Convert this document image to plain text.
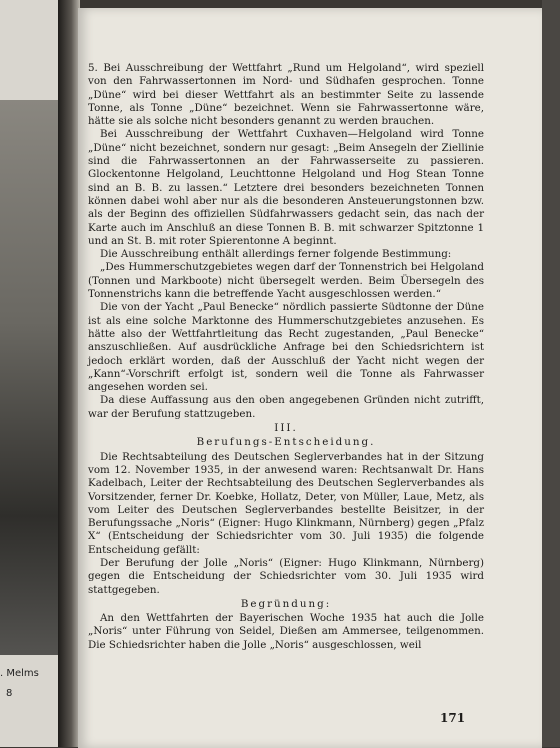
. Melms
8

5. Bei Ausschreibung der Wettfahrt „Rund um Helgoland“, wird speziell von den Fahrwassertonnen im Nord- und Südhafen gesprochen. Tonne „Düne“ wird bei dieser Wettfahrt als an bestimmter Seite zu lassende Tonne, als Tonne „Düne“ bezeichnet. Wenn sie Fahrwassertonne wäre, hätte sie als solche nicht besonders genannt zu werden brauchen.

Bei Ausschreibung der Wettfahrt Cuxhaven—Helgoland wird Tonne „Düne“ nicht bezeichnet, sondern nur gesagt: „Beim Ansegeln der Ziellinie sind die Fahrwassertonnen an der Fahrwasserseite zu passieren. Glockentonne Helgoland, Leuchttonne Helgoland und Hog Stean Tonne sind an B. B. zu lassen.“ Letztere drei besonders bezeichneten Tonnen können dabei wohl aber nur als die besonderen Ansteuerungstonnen bzw. als der Beginn des offiziellen Südfahrwassers gedacht sein, das nach der Karte auch im Anschluß an diese Tonnen B. B. mit schwarzer Spitztonne 1 und an St. B. mit roter Spierentonne A beginnt.

Die Ausschreibung enthält allerdings ferner folgende Bestimmung:

„Des Hummerschutzgebietes wegen darf der Tonnenstrich bei Helgoland (Tonnen und Markboote) nicht übersegelt werden. Beim Übersegeln des Tonnenstrichs kann die betreffende Yacht ausgeschlossen werden.“

Die von der Yacht „Paul Benecke“ nördlich passierte Südtonne der Düne ist als eine solche Marktonne des Hummerschutzgebietes anzusehen. Es hätte also der Wettfahrtleitung das Recht zugestanden, „Paul Benecke“ anszuschließen. Auf ausdrückliche Anfrage bei den Schiedsrichtern ist jedoch erklärt worden, daß der Ausschluß der Yacht nicht wegen der „Kann“-Vorschrift erfolgt ist, sondern weil die Tonne als Fahrwasser angesehen worden sei.

Da diese Auffassung aus den oben angegebenen Gründen nicht zutrifft, war der Berufung stattzugeben.

III.
Berufungs-Entscheidung.

Die Rechtsabteilung des Deutschen Seglerverbandes hat in der Sitzung vom 12. November 1935, in der anwesend waren: Rechtsanwalt Dr. Hans Kadelbach, Leiter der Rechtsabteilung des Deutschen Seglerverbandes als Vorsitzender, ferner Dr. Koebke, Hollatz, Deter, von Müller, Laue, Metz, als vom Leiter des Deutschen Seglerverbandes bestellte Beisitzer, in der Berufungssache „Noris“ (Eigner: Hugo Klinkmann, Nürnberg) gegen „Pfalz X“ (Entscheidung der Schiedsrichter vom 30. Juli 1935) die folgende Entscheidung gefällt:

Der Berufung der Jolle „Noris“ (Eigner: Hugo Klinkmann, Nürnberg) gegen die Entscheidung der Schiedsrichter vom 30. Juli 1935 wird stattgegeben.

Begründung:

An den Wettfahrten der Bayerischen Woche 1935 hat auch die Jolle „Noris“ unter Führung von Seidel, Dießen am Ammersee, teilgenommen. Die Schiedsrichter haben die Jolle „Noris“ ausgeschlossen, weil

171
